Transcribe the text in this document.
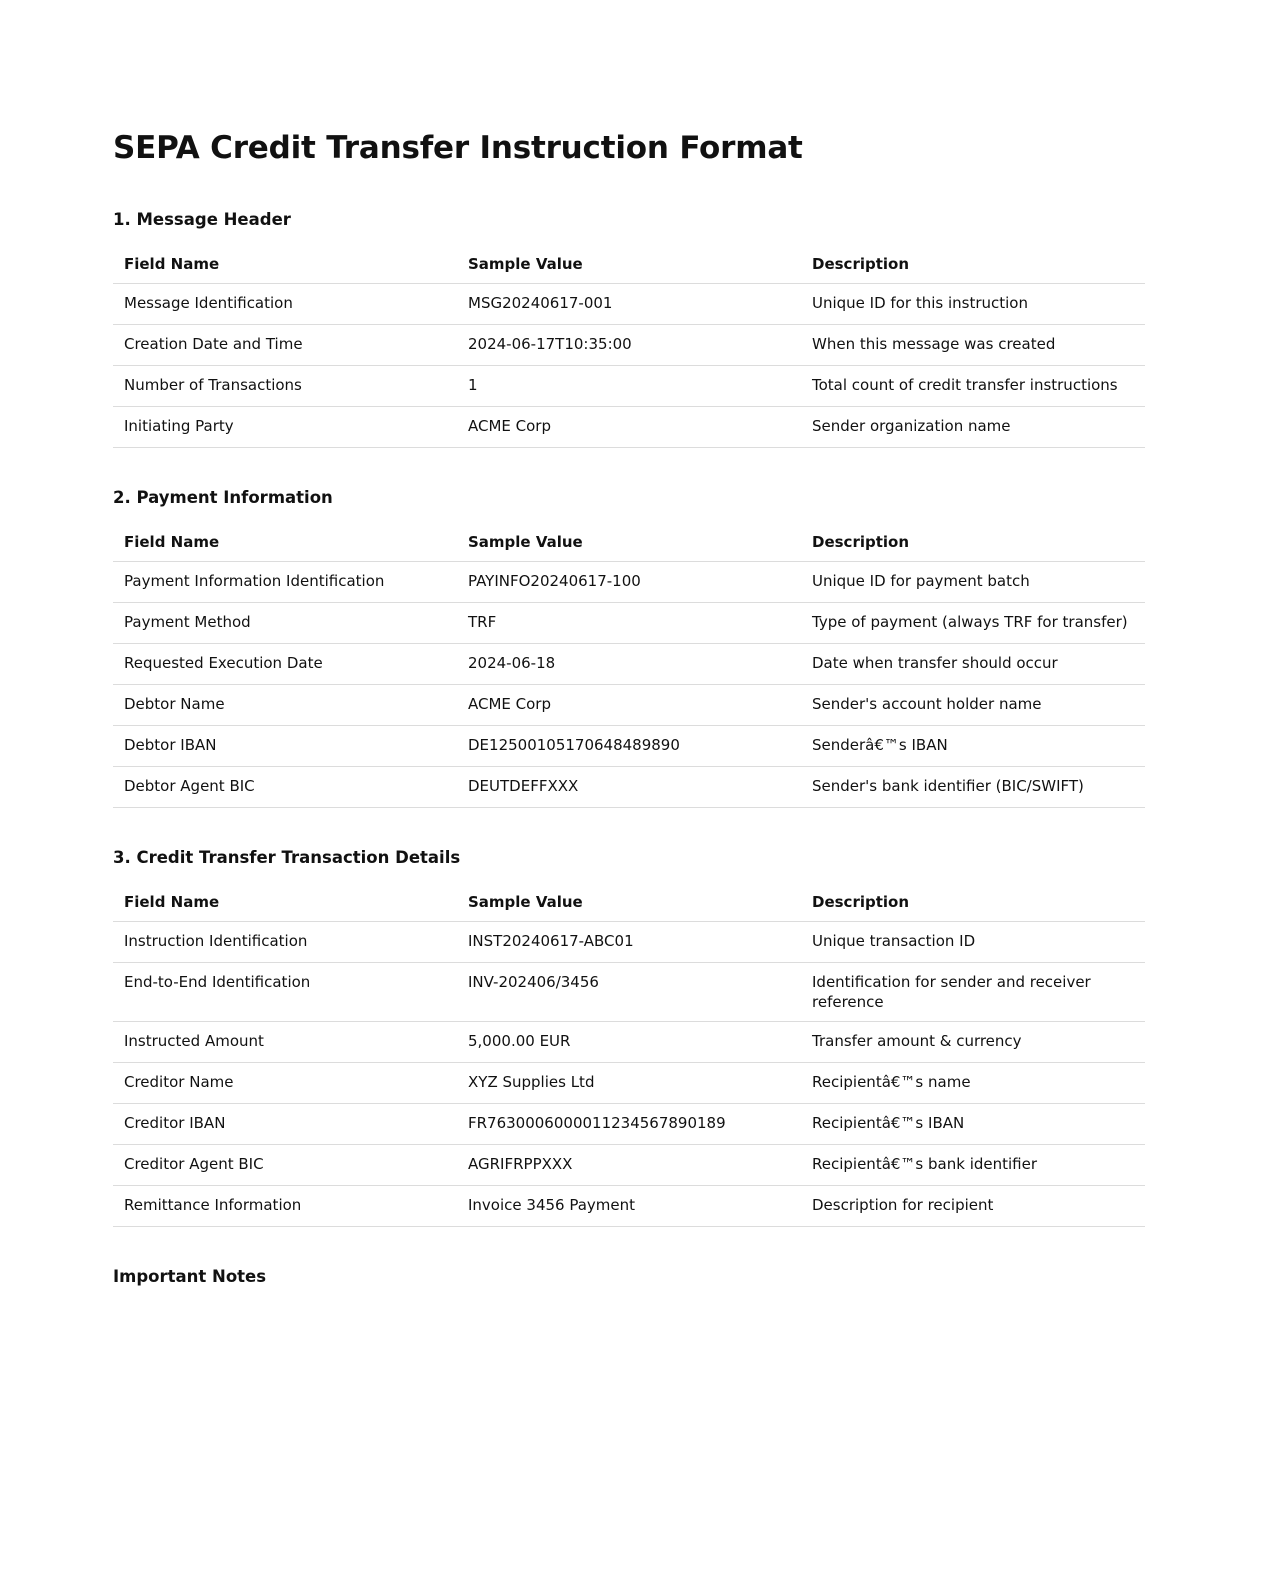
SEPA Credit Transfer Instruction Format
1. Message Header
Field Name	Sample Value	Description
Message Identification	MSG20240617-001	Unique ID for this instruction
Creation Date and Time	2024-06-17T10:35:00	When this message was created
Number of Transactions	1	Total count of credit transfer instructions
Initiating Party	ACME Corp	Sender organization name
2. Payment Information
Field Name	Sample Value	Description
Payment Information Identification	PAYINFO20240617-100	Unique ID for payment batch
Payment Method	TRF	Type of payment (always TRF for transfer)
Requested Execution Date	2024-06-18	Date when transfer should occur
Debtor Name	ACME Corp	Sender's account holder name
Debtor IBAN	DE12500105170648489890	Senderâ€™s IBAN
Debtor Agent BIC	DEUTDEFFXXX	Sender's bank identifier (BIC/SWIFT)
3. Credit Transfer Transaction Details
Field Name	Sample Value	Description
Instruction Identification	INST20240617-ABC01	Unique transaction ID
End-to-End Identification	INV-202406/3456	Identification for sender and receiver reference
Instructed Amount	5,000.00 EUR	Transfer amount & currency
Creditor Name	XYZ Supplies Ltd	Recipientâ€™s name
Creditor IBAN	FR7630006000011234567890189	Recipientâ€™s IBAN
Creditor Agent BIC	AGRIFRPPXXX	Recipientâ€™s bank identifier
Remittance Information	Invoice 3456 Payment	Description for recipient
Important Notes
